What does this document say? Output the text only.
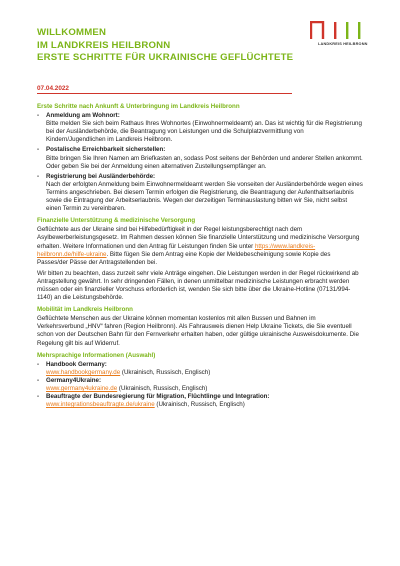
WILLKOMMEN
IM LANDKREIS HEILBRONN
ERSTE SCHRITTE FÜR UKRAINISCHE GEFLÜCHTETE
LANDKREIS HEILBRONN
07.04.2022
Erste Schritte nach Ankunft & Unterbringung im Landkreis Heilbronn
-	Anmeldung am Wohnort:
Bitte melden Sie sich beim Rathaus Ihres Wohnortes (Einwohnermeldeamt) an. Das ist wichtig für die Registrierung bei der Ausländerbehörde, die Beantragung von Leistungen und die Schulplatzvermittlung von Kindern/Jugendlichen im Landkreis Heilbronn.
-	Postalische Erreichbarkeit sicherstellen:
Bitte bringen Sie Ihren Namen am Briefkasten an, sodass Post seitens der Behörden und anderer Stellen ankommt. Oder geben Sie bei der Anmeldung einen alternativen Zustellungsempfänger an.
-	Registrierung bei Ausländerbehörde:
Nach der erfolgten Anmeldung beim Einwohnermeldeamt werden Sie vonseiten der Ausländerbehörde wegen eines Termins angeschrieben. Bei diesem Termin erfolgen die Registrierung, die Beantragung der Aufenthaltserlaubnis sowie die Eintragung der Arbeitserlaubnis. Wegen der derzeitigen Terminauslastung bitten wir Sie, nicht selbst einen Termin zu vereinbaren.
Finanzielle Unterstützung & medizinische Versorgung

Geflüchtete aus der Ukraine sind bei Hilfebedürftigkeit in der Regel leistungsberechtigt nach dem Asylbewerberleistungsgesetz. Im Rahmen dessen können Sie finanzielle Unterstützung und medizinische Versorgung erhalten. Weitere Informationen und den Antrag für Leistungen finden Sie unter https://www.landkreis-heilbronn.de/hilfe-ukraine. Bitte fügen Sie dem Antrag eine Kopie der Meldebescheinigung sowie Kopie des Passes/der Pässe der Antragstellenden bei.

Wir bitten zu beachten, dass zurzeit sehr viele Anträge eingehen. Die Leistungen werden in der Regel rückwirkend ab Antragstellung gewährt. In sehr dringenden Fällen, in denen unmittelbar medizinische Leistungen erbracht werden müssen oder ein finanzieller Vorschuss erforderlich ist, wenden Sie sich bitte über die Ukraine-Hotline (07131/994-1140) an die Leistungsbehörde.

Mobilität im Landkreis Heilbronn

Geflüchtete Menschen aus der Ukraine können momentan kostenlos mit allen Bussen und Bahnen im Verkehrsverbund „HNV“ fahren (Region Heilbronn). Als Fahrausweis dienen Help Ukraine Tickets, die Sie eventuell schon von der Deutschen Bahn für den Fernverkehr erhalten haben, oder gültige ukrainische Ausweisdokumente. Die Regelung gilt bis auf Widerruf.

Mehrsprachige Informationen (Auswahl)
-	Handbook Germany:
www.handbookgermany.de (Ukrainisch, Russisch, Englisch)
-	Germany4Ukraine:
www.germany4ukraine.de (Ukrainisch, Russisch, Englisch)
-	Beauftragte der Bundesregierung für Migration, Flüchtlinge und Integration:
www.integrationsbeauftragte.de/ukraine (Ukrainisch, Russisch, Englisch)
